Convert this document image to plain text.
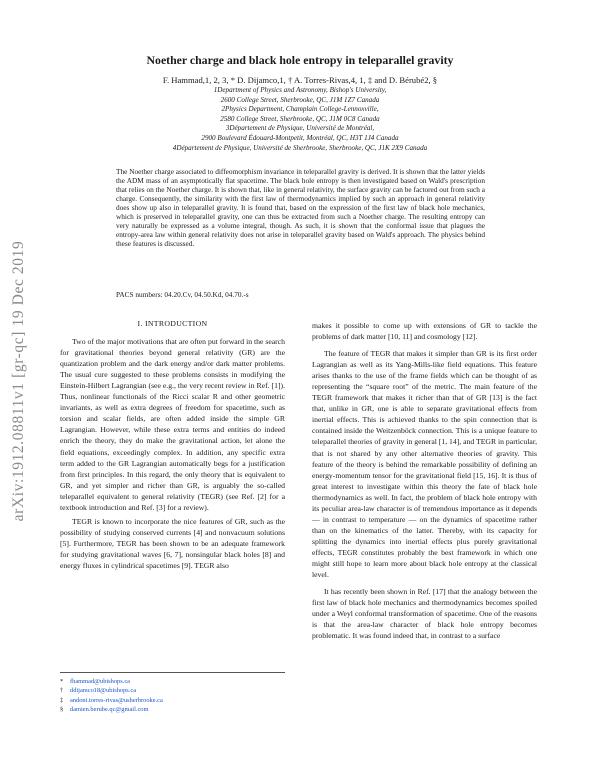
arXiv:1912.08811v1 [gr-qc] 19 Dec 2019
Noether charge and black hole entropy in teleparallel gravity
F. Hammad,1, 2, 3, * D. Dijamco,1, † A. Torres-Rivas,4, 1, ‡ and D. Bérubé2, §
1Department of Physics and Astronomy, Bishop's University,
2600 College Street, Sherbrooke, QC, J1M 1Z7 Canada
2Physics Department, Champlain College-Lennoxville,
2580 College Street, Sherbrooke, QC, J1M 0C8 Canada
3Département de Physique, Université de Montréal,
2900 Boulevard Édouard-Montpetit, Montréal, QC, H3T 1J4 Canada
4Département de Physique, Université de Sherbrooke, Sherbrooke, QC, J1K 2X9 Canada
The Noether charge associated to diffeomorphism invariance in teleparallel gravity is derived. It is shown that the latter yields the ADM mass of an asymptotically flat spacetime. The black hole entropy is then investigated based on Wald's prescription that relies on the Noether charge. It is shown that, like in general relativity, the surface gravity can be factored out from such a charge. Consequently, the similarity with the first law of thermodynamics implied by such an approach in general relativity does show up also in teleparallel gravity. It is found that, based on the expression of the first law of black hole mechanics, which is preserved in teleparallel gravity, one can thus be extracted from such a Noether charge. The resulting entropy can very naturally be expressed as a volume integral, though. As such, it is shown that the conformal issue that plagues the entropy-area law within general relativity does not arise in teleparallel gravity based on Wald's approach. The physics behind these features is discussed.
PACS numbers: 04.20.Cv, 04.50.Kd, 04.70.-s
I. INTRODUCTION

Two of the major motivations that are often put forward in the search for gravitational theories beyond general relativity (GR) are the quantization problem and the dark energy and/or dark matter problems. The usual cure suggested to these problems consists in modifying the Einstein-Hilbert Lagrangian (see e.g., the very recent review in Ref. [1]). Thus, nonlinear functionals of the Ricci scalar R and other geometric invariants, as well as extra degrees of freedom for spacetime, such as torsion and scalar fields, are often added inside the simple GR Lagrangian. However, while these extra terms and entities do indeed enrich the theory, they do make the gravitational action, let alone the field equations, exceedingly complex. In addition, any specific extra term added to the GR Lagrangian automatically begs for a justification from first principles. In this regard, the only theory that is equivalent to GR, and yet simpler and richer than GR, is arguably the so-called teleparallel equivalent to general relativity (TEGR) (see Ref. [2] for a textbook introduction and Ref. [3] for a review).

TEGR is known to incorporate the nice features of GR, such as the possibility of studying conserved currents [4] and nonvacuum solutions [5]. Furthermore, TEGR has been shown to be an adequate framework for studying gravitational waves [6, 7], nonsingular black holes [8] and energy fluxes in cylindrical spacetimes [9]. TEGR also

makes it possible to come up with extensions of GR to tackle the problems of dark matter [10, 11] and cosmology [12].

The feature of TEGR that makes it simpler than GR is its first order Lagrangian as well as its Yang-Mills-like field equations. This feature arises thanks to the use of the frame fields which can be thought of as representing the “square root” of the metric. The main feature of the TEGR framework that makes it richer than that of GR [13] is the fact that, unlike in GR, one is able to separate gravitational effects from inertial effects. This is achieved thanks to the spin connection that is contained inside the Weitzenböck connection. This is a unique feature to teleparallel theories of gravity in general [1, 14], and TEGR in particular, that is not shared by any other alternative theories of gravity. This feature of the theory is behind the remarkable possibility of defining an energy-momentum tensor for the gravitational field [15, 16]. It is thus of great interest to investigate within this theory the fate of black hole thermodynamics as well. In fact, the problem of black hole entropy with its peculiar area-law character is of tremendous importance as it depends — in contrast to temperature — on the dynamics of spacetime rather than on the kinematics of the latter. Thereby, with its capacity for splitting the dynamics into inertial effects plus purely gravitational effects, TEGR constitutes probably the best framework in which one might still hope to learn more about black hole entropy at the classical level.

It has recently been shown in Ref. [17] that the analogy between the first law of black hole mechanics and thermodynamics becomes spoiled under a Weyl conformal transformation of spacetime. One of the reasons is that the area-law character of black hole entropy becomes problematic. It was found indeed that, in contrast to a surface

* fhammad@ubishops.ca
† ddijamco18@ubishops.ca
‡ andoni.torres-rivas@usherbrooke.ca
§ damien.berube.qc@gmail.com
